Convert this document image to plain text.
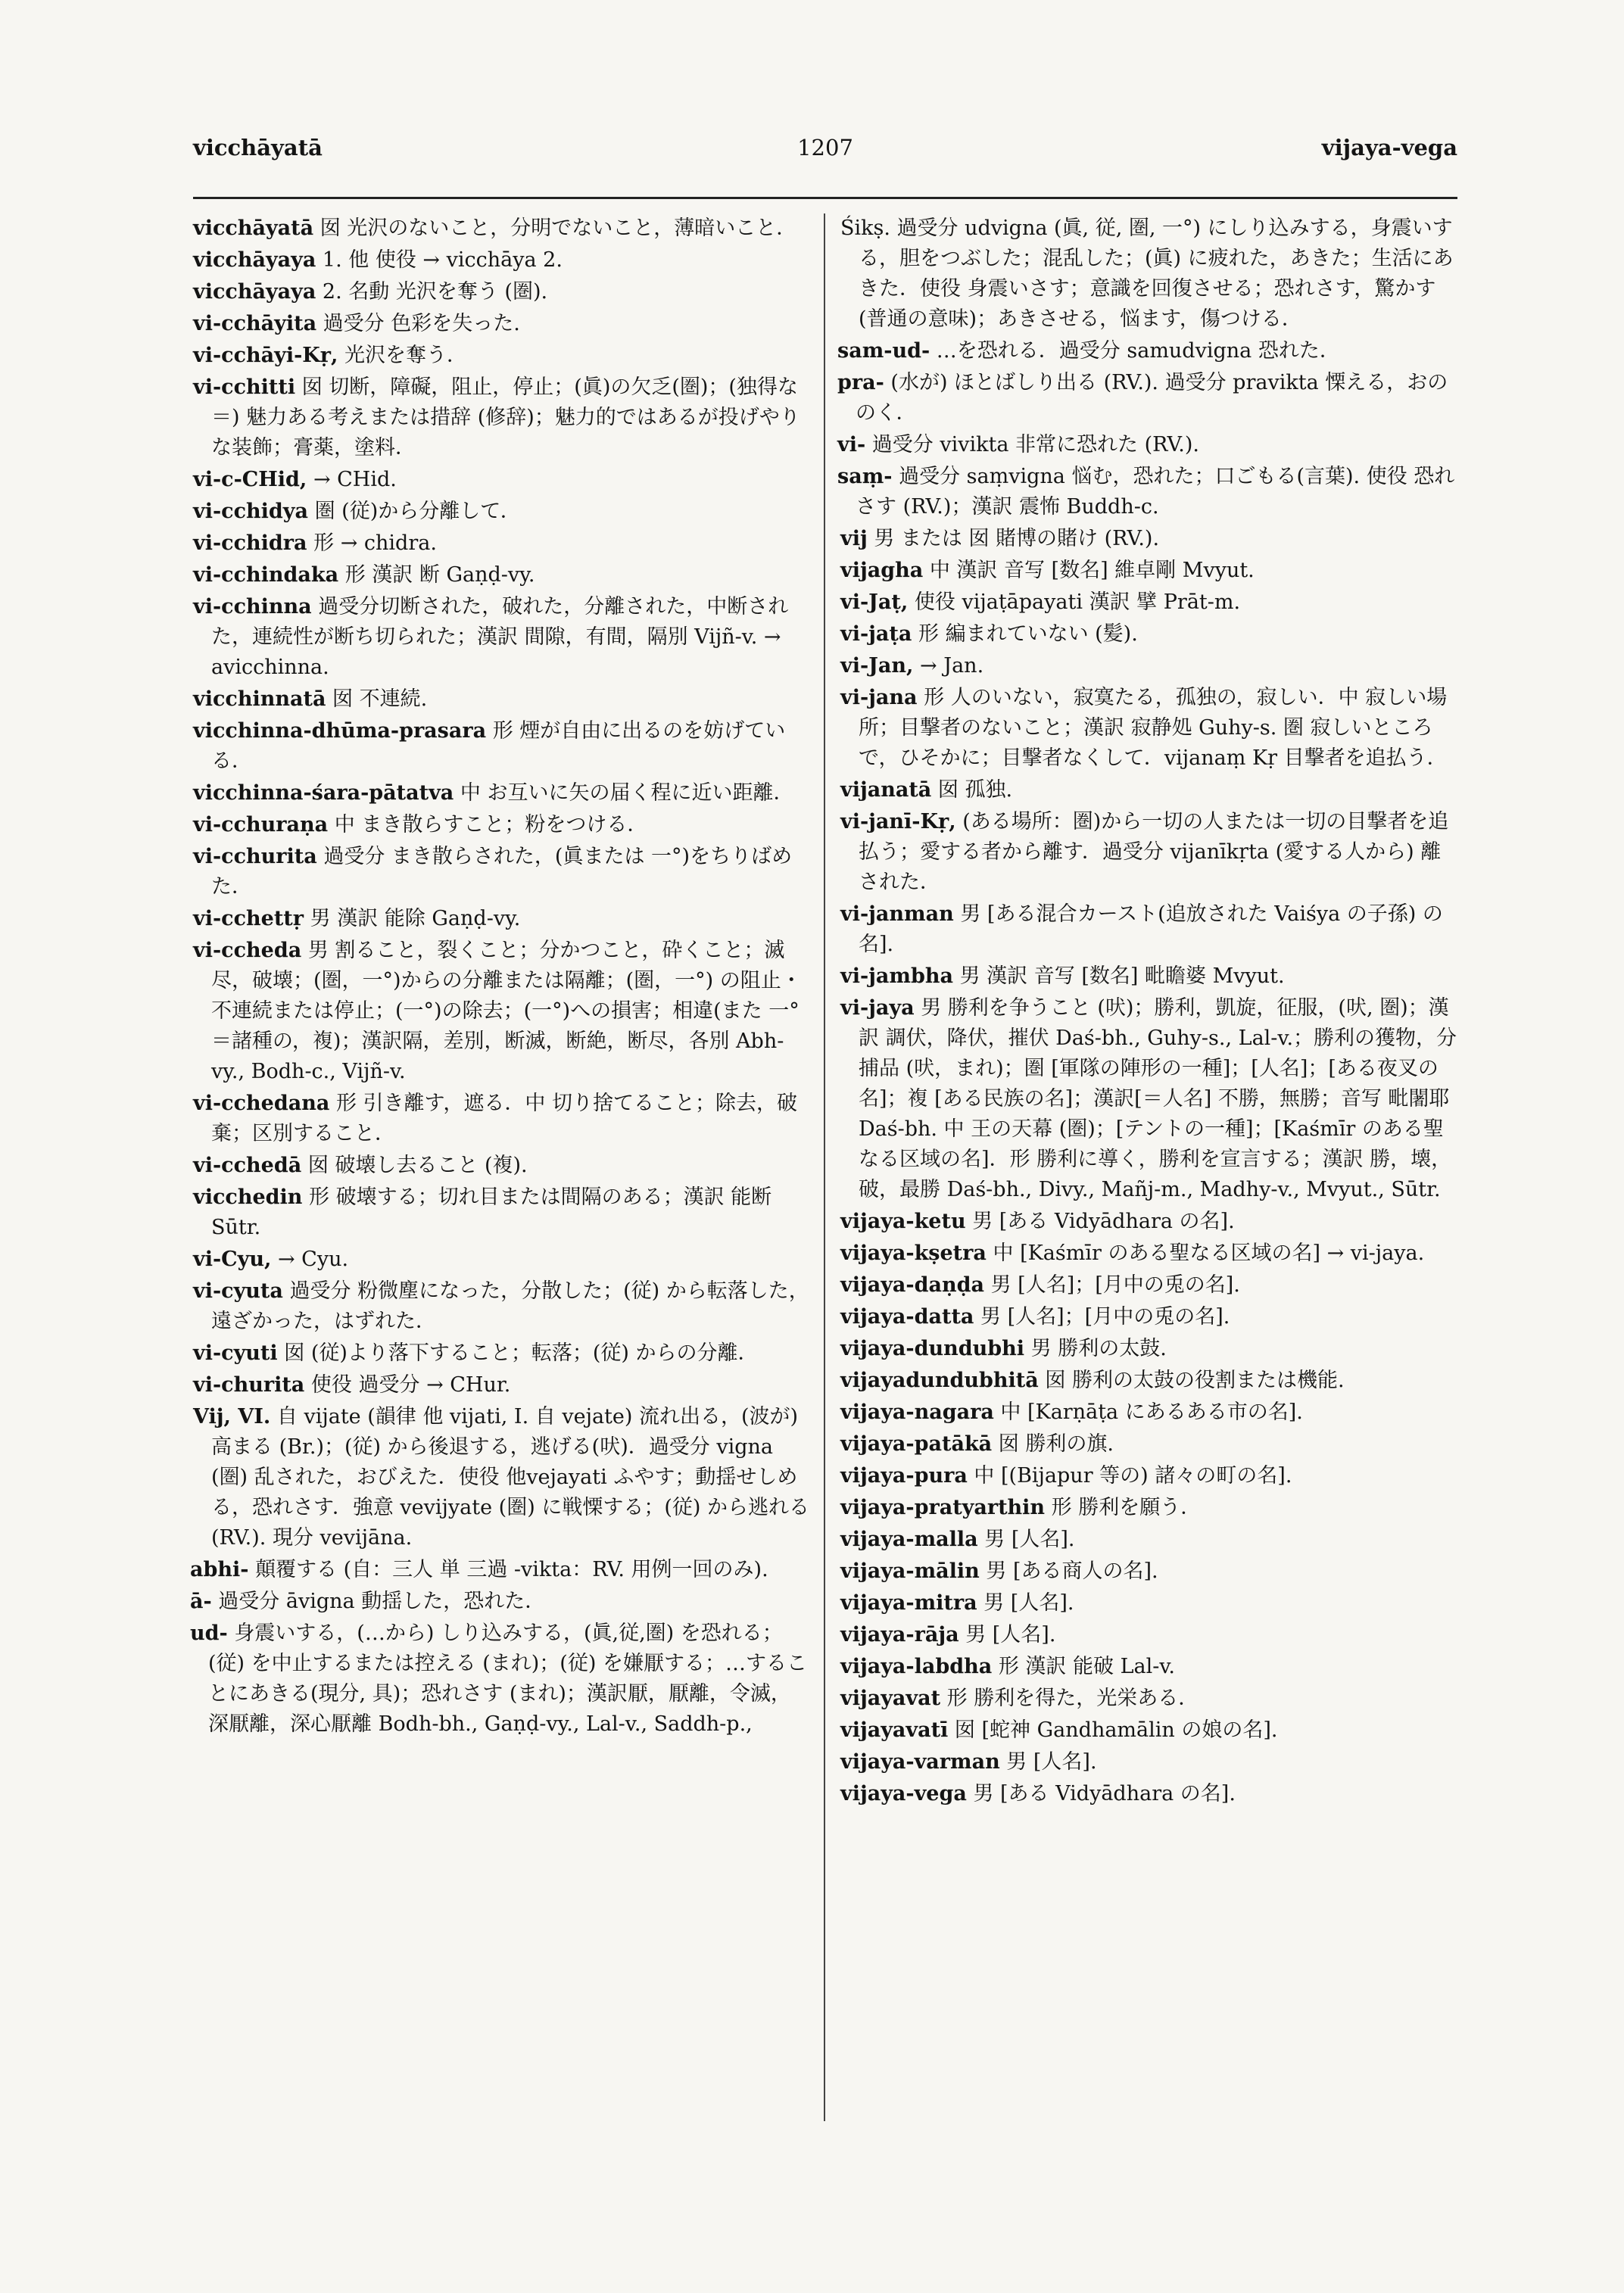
vicchāyatā	1207	vijaya-vega
vicchāyatā 囡 光沢のないこと，分明でないこと，薄暗いこと．
vicchāyaya 1. 他 使役 → vicchāya 2.
vicchāyaya 2. 名動 光沢を奪う (圏).
vi-cchāyita 過受分 色彩を失った.
vi-cchāyi-Kṛ, 光沢を奪う．
vi-cchitti 囡 切断，障礙，阻止，停止；(眞)の欠乏(圏)；(独得な＝) 魅力ある考えまたは措辞 (修辞)；魅力的ではあるが投げやりな装飾；膏薬，塗料．
vi-c-CHid, → CHid.
vi-cchidya 圏 (従)から分離して．
vi-cchidra 形 → chidra.
vi-cchindaka 形 漢訳 断 Gaṇḍ-vy.
vi-cchinna 過受分切断された，破れた，分離された，中断された，連続性が断ち切られた；漢訳 間隙，有間，隔別 Vijñ-v. → avicchinna.
vicchinnatā 囡 不連続.
vicchinna-dhūma-prasara 形 煙が自由に出るのを妨げている．
vicchinna-śara-pātatva 中 お互いに矢の届く程に近い距離．
vi-cchuraṇa 中 まき散らすこと；粉をつける．
vi-cchurita 過受分 まき散らされた，(眞または 一°)をちりばめた．
vi-cchettṛ 男 漢訳 能除 Gaṇḍ-vy.
vi-ccheda 男 割ること，裂くこと；分かつこと，砕くこと；滅尽，破壊；(圏，一°)からの分離または隔離；(圏，一°) の阻止・不連続または停止；(一°)の除去；(一°)への損害；相違(また 一°＝諸種の，複)；漢訳隔，差別，断滅，断絶，断尽，各別 Abh-vy., Bodh-c., Vijñ-v.
vi-cchedana 形 引き離す，遮る．中 切り捨てること；除去，破棄；区別すること．
vi-cchedā 囡 破壊し去ること (複).
vicchedin 形 破壊する；切れ目または間隔のある；漢訳 能断 Sūtr.
vi-Cyu, → Cyu.
vi-cyuta 過受分 粉微塵になった，分散した；(従) から転落した，遠ざかった，はずれた．
vi-cyuti 囡 (従)より落下すること；転落；(従) からの分離．
vi-churita 使役 過受分 → CHur.
Vij, VI. 自 vijate (韻律 他 vijati, I. 自 vejate) 流れ出る，(波が) 高まる (Br.)；(従) から後退する，逃げる(吠)．過受分 vigna (圏) 乱された，おびえた．使役 他vejayati ふやす；動揺せしめる，恐れさす．強意 vevijyate (圏) に戦慄する；(従) から逃れる (RV.). 現分 vevijāna.
abhi- 顛覆する (自：三人 単 三過 -vikta：RV. 用例一回のみ).
ā- 過受分 āvigna 動揺した，恐れた．
ud- 身震いする，(…から) しり込みする，(眞,従,圏) を恐れる；(従) を中止するまたは控える (まれ)；(従) を嫌厭する；…することにあきる(現分, 具)；恐れさす (まれ)；漢訳厭，厭離，令滅，深厭離，深心厭離 Bodh-bh., Gaṇḍ-vy., Lal-v., Saddh-p.,
Śikṣ. 過受分 udvigna (眞, 従, 圏, 一°) にしり込みする，身震いする，胆をつぶした；混乱した；(眞) に疲れた，あきた；生活にあきた．使役 身震いさす；意識を回復させる；恐れさす，驚かす(普通の意味)；あきさせる，悩ます，傷つける．
sam-ud- …を恐れる．過受分 samudvigna 恐れた．
pra- (水が) ほとばしり出る (RV.). 過受分 pravikta 慄える，おののく．
vi- 過受分 vivikta 非常に恐れた (RV.).
saṃ- 過受分 saṃvigna 悩む，恐れた；口ごもる(言葉). 使役 恐れさす (RV.)；漢訳 震怖 Buddh-c.
vij 男 または 囡 賭博の賭け (RV.).
vijagha 中 漢訳 音写 [数名] 維卓剛 Mvyut.
vi-Jaṭ, 使役 vijaṭāpayati 漢訳 擘 Prāt-m.
vi-jaṭa 形 編まれていない (髪).
vi-Jan, → Jan.
vi-jana 形 人のいない，寂寞たる，孤独の，寂しい．中 寂しい場所；目撃者のないこと；漢訳 寂静処 Guhy-s. 圏 寂しいところで，ひそかに；目撃者なくして．vijanaṃ Kṛ 目撃者を追払う．
vijanatā 囡 孤独.
vi-janī-Kṛ, (ある場所：圏)から一切の人または一切の目撃者を追払う；愛する者から離す．過受分 vijanīkṛta (愛する人から) 離された．
vi-janman 男 [ある混合カースト(追放された Vaiśya の子孫) の名].
vi-jambha 男 漢訳 音写 [数名] 毗瞻婆 Mvyut.
vi-jaya 男 勝利を争うこと (吠)；勝利，凱旋，征服，(吠, 圏)；漢訳 調伏，降伏，摧伏 Daś-bh., Guhy-s., Lal-v.；勝利の獲物，分捕品 (吠，まれ)；圏 [軍隊の陣形の一種]；[人名]；[ある夜叉の名]；複 [ある民族の名]；漢訳[＝人名] 不勝，無勝；音写 毗闍耶 Daś-bh. 中 王の天幕 (圏)；[テントの一種]；[Kaśmīr のある聖なる区域の名]．形 勝利に導く，勝利を宣言する；漢訳 勝，壊，破，最勝 Daś-bh., Divy., Mañj-m., Madhy-v., Mvyut., Sūtr.
vijaya-ketu 男 [ある Vidyādhara の名].
vijaya-kṣetra 中 [Kaśmīr のある聖なる区域の名] → vi-jaya.
vijaya-daṇḍa 男 [人名]；[月中の兎の名].
vijaya-datta 男 [人名]；[月中の兎の名].
vijaya-dundubhi 男 勝利の太鼓.
vijayadundubhitā 囡 勝利の太鼓の役割または機能.
vijaya-nagara 中 [Karṇāṭa にあるある市の名].
vijaya-patākā 囡 勝利の旗.
vijaya-pura 中 [(Bijapur 等の) 諸々の町の名].
vijaya-pratyarthin 形 勝利を願う．
vijaya-malla 男 [人名].
vijaya-mālin 男 [ある商人の名].
vijaya-mitra 男 [人名].
vijaya-rāja 男 [人名].
vijaya-labdha 形 漢訳 能破 Lal-v.
vijayavat 形 勝利を得た，光栄ある．
vijayavatī 囡 [蛇神 Gandhamālin の娘の名].
vijaya-varman 男 [人名].
vijaya-vega 男 [ある Vidyādhara の名].
